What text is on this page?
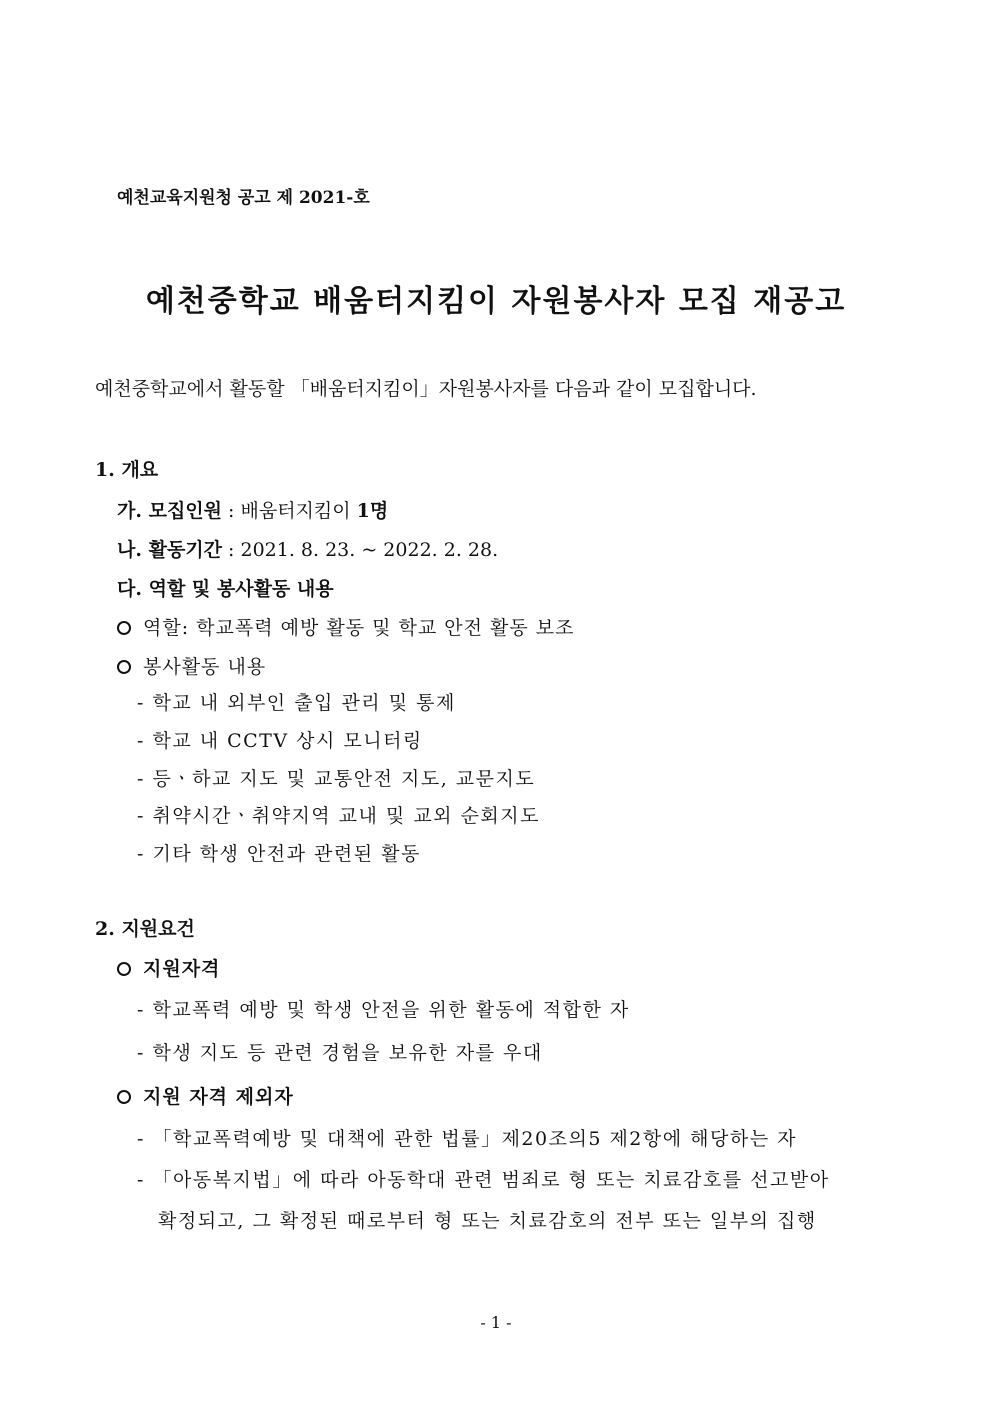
예천교육지원청 공고 제 2021-호
예천중학교 배움터지킴이 자원봉사자 모집 재공고
예천중학교에서 활동할 「배움터지킴이」자원봉사자를 다음과 같이 모집합니다.
1. 개요
가. 모집인원 : 배움터지킴이 1명
나. 활동기간 : 2021. 8. 23. ~ 2022. 2. 28.
다. 역할 및 봉사활동 내용
역할: 학교폭력 예방 활동 및 학교 안전 활동 보조
봉사활동 내용
- 학교 내 외부인 출입 관리 및 통제
- 학교 내 CCTV 상시 모니터링
- 등ㆍ하교 지도 및 교통안전 지도, 교문지도
- 취약시간ㆍ취약지역 교내 및 교외 순회지도
- 기타 학생 안전과 관련된 활동
2. 지원요건
지원자격
- 학교폭력 예방 및 학생 안전을 위한 활동에 적합한 자
- 학생 지도 등 관련 경험을 보유한 자를 우대
지원 자격 제외자
- 「학교폭력예방 및 대책에 관한 법률」제20조의5 제2항에 해당하는 자
- 「아동복지법」에 따라 아동학대 관련 범죄로 형 또는 치료감호를 선고받아
확정되고, 그 확정된 때로부터 형 또는 치료감호의 전부 또는 일부의 집행
- 1 -
